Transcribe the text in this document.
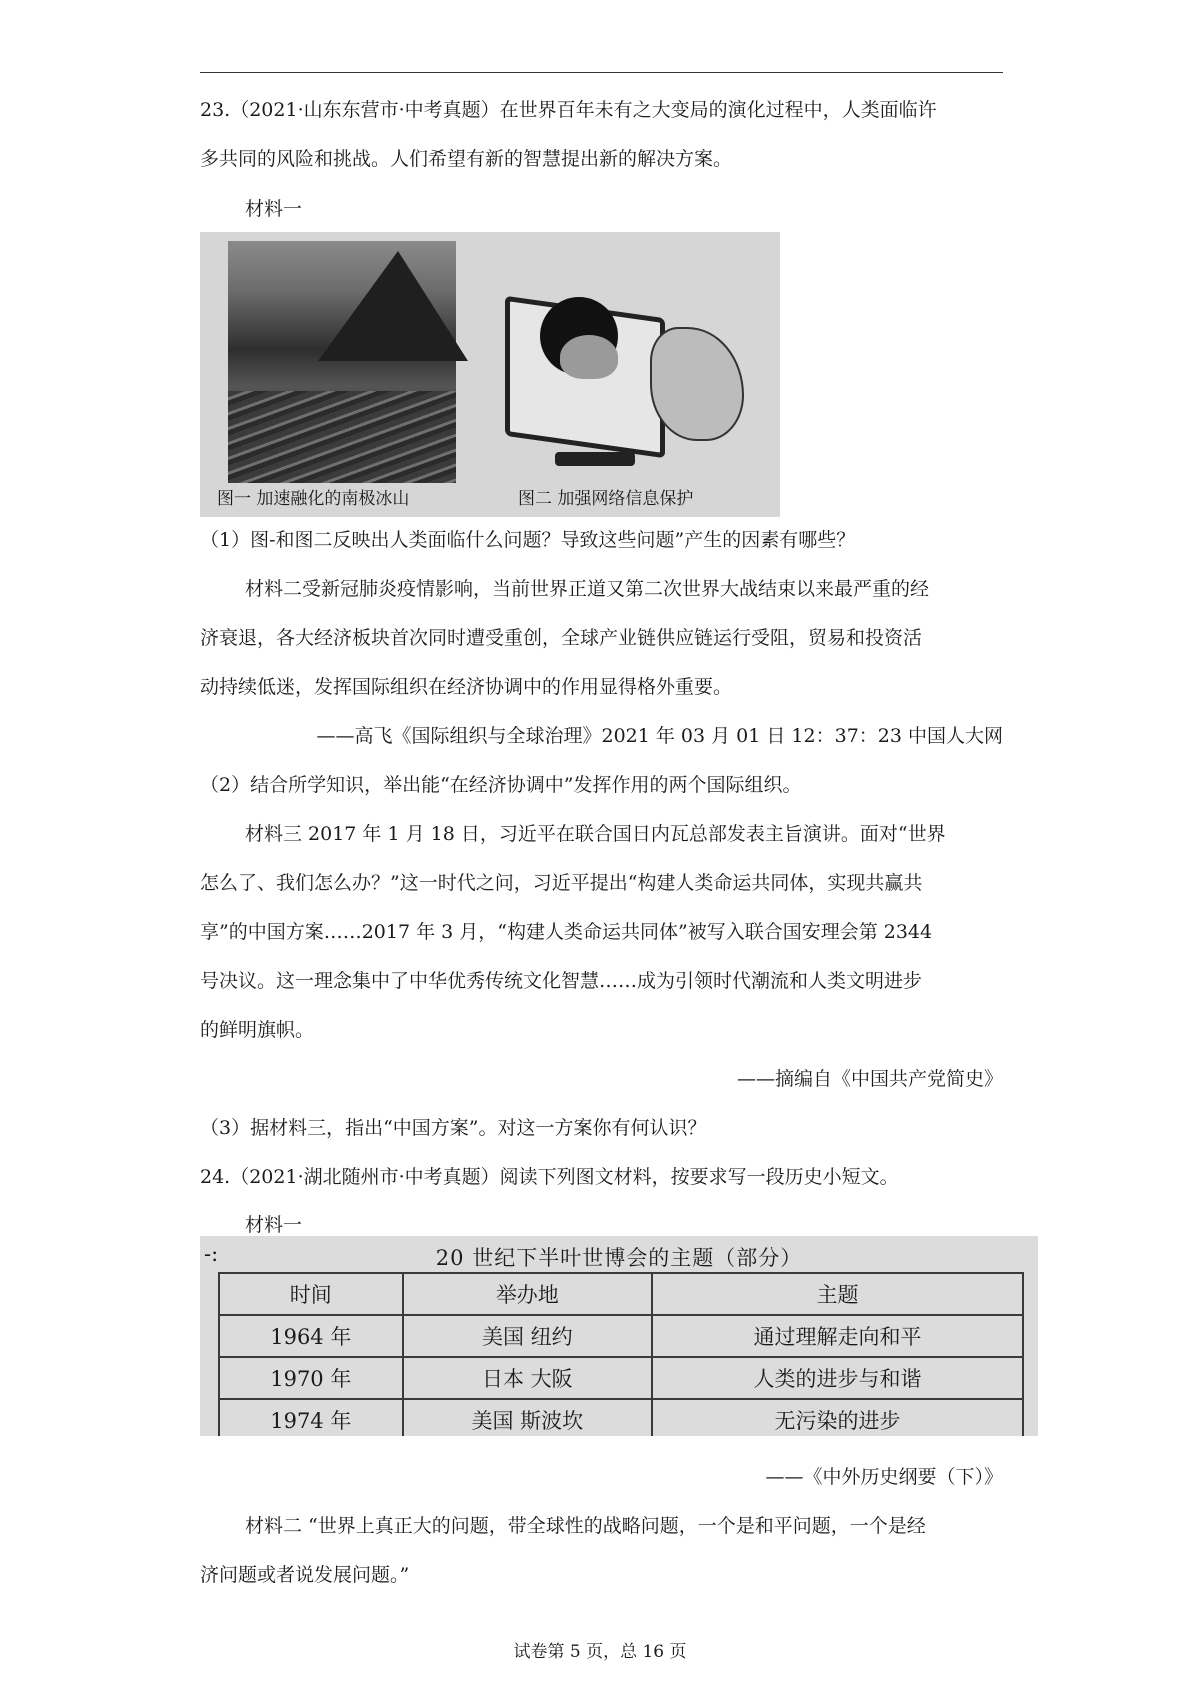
23.（2021·山东东营市·中考真题）在世界百年未有之大变局的演化过程中，人类面临许
多共同的风险和挑战。人们希望有新的智慧提出新的解决方案。
材料一
图一 加速融化的南极冰山	图二 加强网络信息保护
（1）图-和图二反映出人类面临什么问题？导致这些问题”产生的因素有哪些？
材料二受新冠肺炎疫情影响，当前世界正道又第二次世界大战结束以来最严重的经
济衰退，各大经济板块首次同时遭受重创，全球产业链供应链运行受阻，贸易和投资活
动持续低迷，发挥国际组织在经济协调中的作用显得格外重要。
——高飞《国际组织与全球治理》2021 年 03 月 01 日 12：37：23 中国人大网
（2）结合所学知识，举出能“在经济协调中”发挥作用的两个国际组织。
材料三 2017 年 1 月 18 日，习近平在联合国日内瓦总部发表主旨演讲。面对“世界
怎么了、我们怎么办？”这一时代之问，习近平提出“构建人类命运共同体，实现共赢共
享”的中国方案……2017 年 3 月，“构建人类命运共同体”被写入联合国安理会第 2344
号决议。这一理念集中了中华优秀传统文化智慧……成为引领时代潮流和人类文明进步
的鲜明旗帜。
——摘编自《中国共产党简史》
（3）据材料三，指出“中国方案”。对这一方案你有何认识？
24.（2021·湖北随州市·中考真题）阅读下列图文材料，按要求写一段历史小短文。
材料一
-:	20 世纪下半叶世博会的主题（部分）
时间	举办地	主题
1964 年	美国 纽约	通过理解走向和平
1970 年	日本 大阪	人类的进步与和谐
1974 年	美国 斯波坎	无污染的进步
——《中外历史纲要（下）》
材料二 “世界上真正大的问题，带全球性的战略问题，一个是和平问题，一个是经
济问题或者说发展问题。”
试卷第 5 页，总 16 页
